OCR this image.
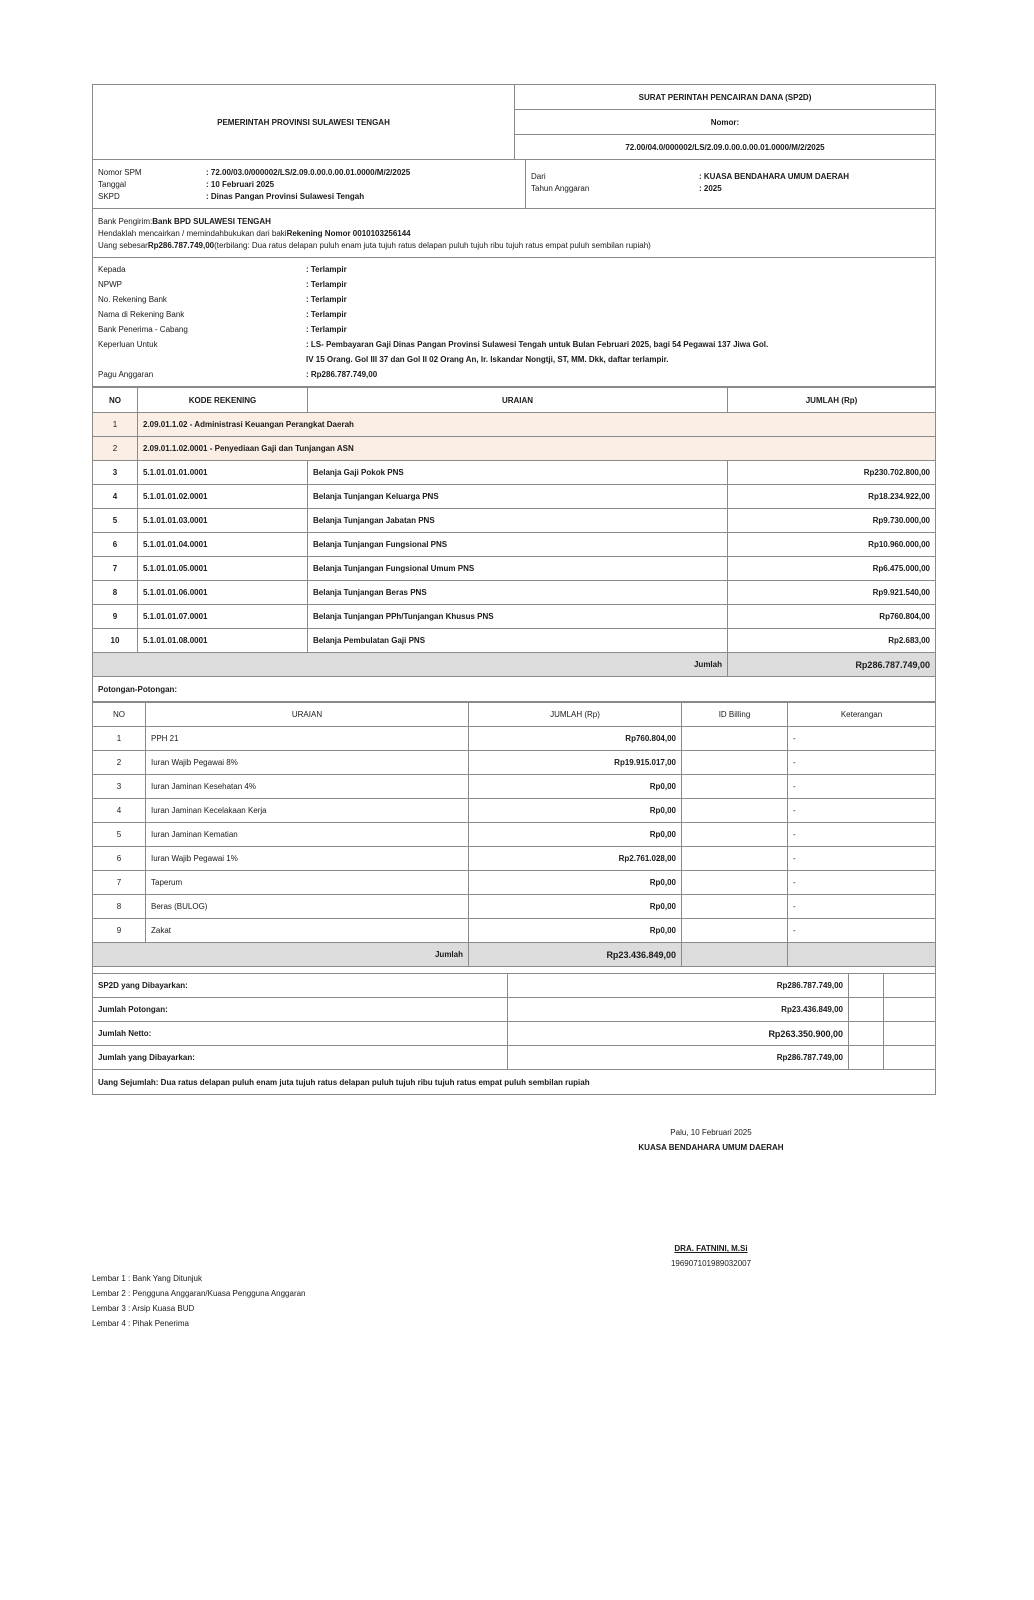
PEMERINTAH PROVINSI SULAWESI TENGAH	SURAT PERINTAH PENCAIRAN DANA (SP2D)
Nomor:
72.00/04.0/000002/LS/2.09.0.00.0.00.01.0000/M/2/2025
Nomor SPM	: 72.00/03.0/000002/LS/2.09.0.00.0.00.01.0000/M/2/2025
Tanggal	: 10 Februari 2025
SKPD	: Dinas Pangan Provinsi Sulawesi Tengah
Dari	: KUASA BENDAHARA UMUM DAERAH
Tahun Anggaran	: 2025
Bank Pengirim: Bank BPD SULAWESI TENGAH
Hendaklah mencairkan / memindahbukukan dari baki Rekening Nomor 0010103256144
Uang sebesar Rp286.787.749,00 (terbilang: Dua ratus delapan puluh enam juta tujuh ratus delapan puluh tujuh ribu tujuh ratus empat puluh sembilan rupiah)
Kepada	: Terlampir
NPWP	: Terlampir
No. Rekening Bank	: Terlampir
Nama di Rekening Bank	: Terlampir
Bank Penerima - Cabang	: Terlampir
Keperluan Untuk	: LS- Pembayaran Gaji Dinas Pangan Provinsi Sulawesi Tengah untuk Bulan Februari 2025, bagi 54 Pegawai 137 Jiwa Gol.
IV 15 Orang. Gol III 37 dan Gol II 02 Orang An, Ir. Iskandar Nongtji, ST, MM. Dkk, daftar terlampir.
Pagu Anggaran	: Rp286.787.749,00
NO	KODE REKENING	URAIAN	JUMLAH (Rp)
1	2.09.01.1.02 - Administrasi Keuangan Perangkat Daerah		
2	2.09.01.1.02.0001 - Penyediaan Gaji dan Tunjangan ASN		
3	5.1.01.01.01.0001	Belanja Gaji Pokok PNS	Rp230.702.800,00
4	5.1.01.01.02.0001	Belanja Tunjangan Keluarga PNS	Rp18.234.922,00
5	5.1.01.01.03.0001	Belanja Tunjangan Jabatan PNS	Rp9.730.000,00
6	5.1.01.01.04.0001	Belanja Tunjangan Fungsional PNS	Rp10.960.000,00
7	5.1.01.01.05.0001	Belanja Tunjangan Fungsional Umum PNS	Rp6.475.000,00
8	5.1.01.01.06.0001	Belanja Tunjangan Beras PNS	Rp9.921.540,00
9	5.1.01.01.07.0001	Belanja Tunjangan PPh/Tunjangan Khusus PNS	Rp760.804,00
10	5.1.01.01.08.0001	Belanja Pembulatan Gaji PNS	Rp2.683,00
Jumlah			Rp286.787.749,00
Potongan-Potongan:
NO	URAIAN	JUMLAH (Rp)	ID Billing	Keterangan
1	PPH 21	Rp760.804,00		-
2	Iuran Wajib Pegawai 8%	Rp19.915.017,00		-
3	Iuran Jaminan Kesehatan 4%	Rp0,00		-
4	Iuran Jaminan Kecelakaan Kerja	Rp0,00		-
5	Iuran Jaminan Kematian	Rp0,00		-
6	Iuran Wajib Pegawai 1%	Rp2.761.028,00		-
7	Taperum	Rp0,00		-
8	Beras (BULOG)	Rp0,00		-
9	Zakat	Rp0,00		-
Jumlah		Rp23.436.849,00		
SP2D yang Dibayarkan:	Rp286.787.749,00		
Jumlah Potongan:	Rp23.436.849,00		
Jumlah Netto:	Rp263.350.900,00		
Jumlah yang Dibayarkan:	Rp286.787.749,00		
Uang Sejumlah: Dua ratus delapan puluh enam juta tujuh ratus delapan puluh tujuh ribu tujuh ratus empat puluh sembilan rupiah
Palu, 10 Februari 2025
KUASA BENDAHARA UMUM DAERAH
DRA. FATNINI, M.Si
196907101989032007
Lembar 1 : Bank Yang Ditunjuk
Lembar 2 : Pengguna Anggaran/Kuasa Pengguna Anggaran
Lembar 3 : Arsip Kuasa BUD
Lembar 4 : Pihak Penerima
